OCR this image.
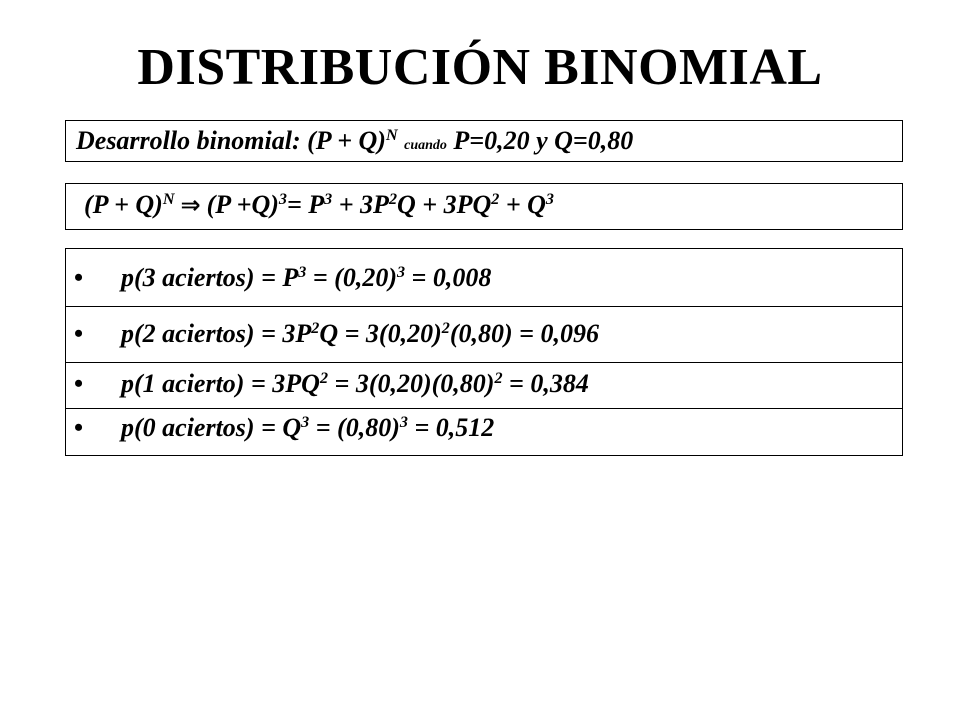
DISTRIBUCIÓN BINOMIAL
Desarrollo binomial: $(P + Q)^N$ cuando P=0,20 y Q=0,80
$(P + Q)^N$ ⇒ $(P +Q)^3= P^3 + 3P^2Q + 3PQ^2 + Q^3$
• p(3 aciertos) = $P^3 = (0,20)^3 = 0,008$
• p(2 aciertos) = $3P^2Q = 3(0,20)^2(0,80) = 0,096$
• p(1 acierto) = $3PQ^2 = 3(0,20)(0,80)^2 = 0,384$
• p(0 aciertos) = $Q^3 = (0,80)^3 = 0,512$
